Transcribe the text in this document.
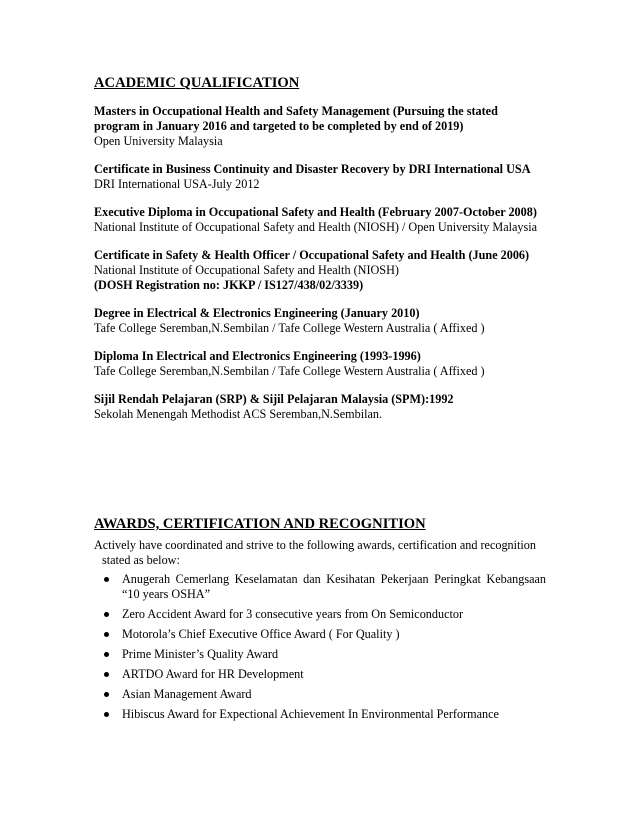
ACADEMIC QUALIFICATION
Masters in Occupational Health and Safety Management (Pursuing the stated program in January 2016 and targeted to be completed by end of 2019)
Open University Malaysia
Certificate in Business Continuity and Disaster Recovery by DRI International USA
DRI International USA-July 2012
Executive Diploma in Occupational Safety and Health (February 2007-October 2008)
National Institute of Occupational Safety and Health (NIOSH) / Open University Malaysia
Certificate in Safety & Health Officer / Occupational Safety and Health (June 2006)
National Institute of Occupational Safety and Health (NIOSH)
(DOSH Registration no: JKKP / IS127/438/02/3339)
Degree in Electrical & Electronics Engineering (January 2010)
Tafe College Seremban,N.Sembilan / Tafe College Western Australia ( Affixed )
Diploma In Electrical and Electronics Engineering (1993-1996)
Tafe College Seremban,N.Sembilan / Tafe College Western Australia ( Affixed )
Sijil Rendah Pelajaran (SRP) & Sijil Pelajaran Malaysia (SPM):1992
Sekolah Menengah Methodist ACS Seremban,N.Sembilan.
AWARDS, CERTIFICATION AND RECOGNITION
Actively have coordinated and strive to the following awards, certification and recognition
stated as below:
Anugerah Cemerlang Keselamatan dan Kesihatan Pekerjaan Peringkat Kebangsaan “10 years OSHA”
Zero Accident Award for 3 consecutive years from On Semiconductor
Motorola’s Chief Executive Office Award ( For Quality )
Prime Minister’s Quality Award
ARTDO Award for HR Development
Asian Management Award
Hibiscus Award for Expectional Achievement In Environmental Performance
